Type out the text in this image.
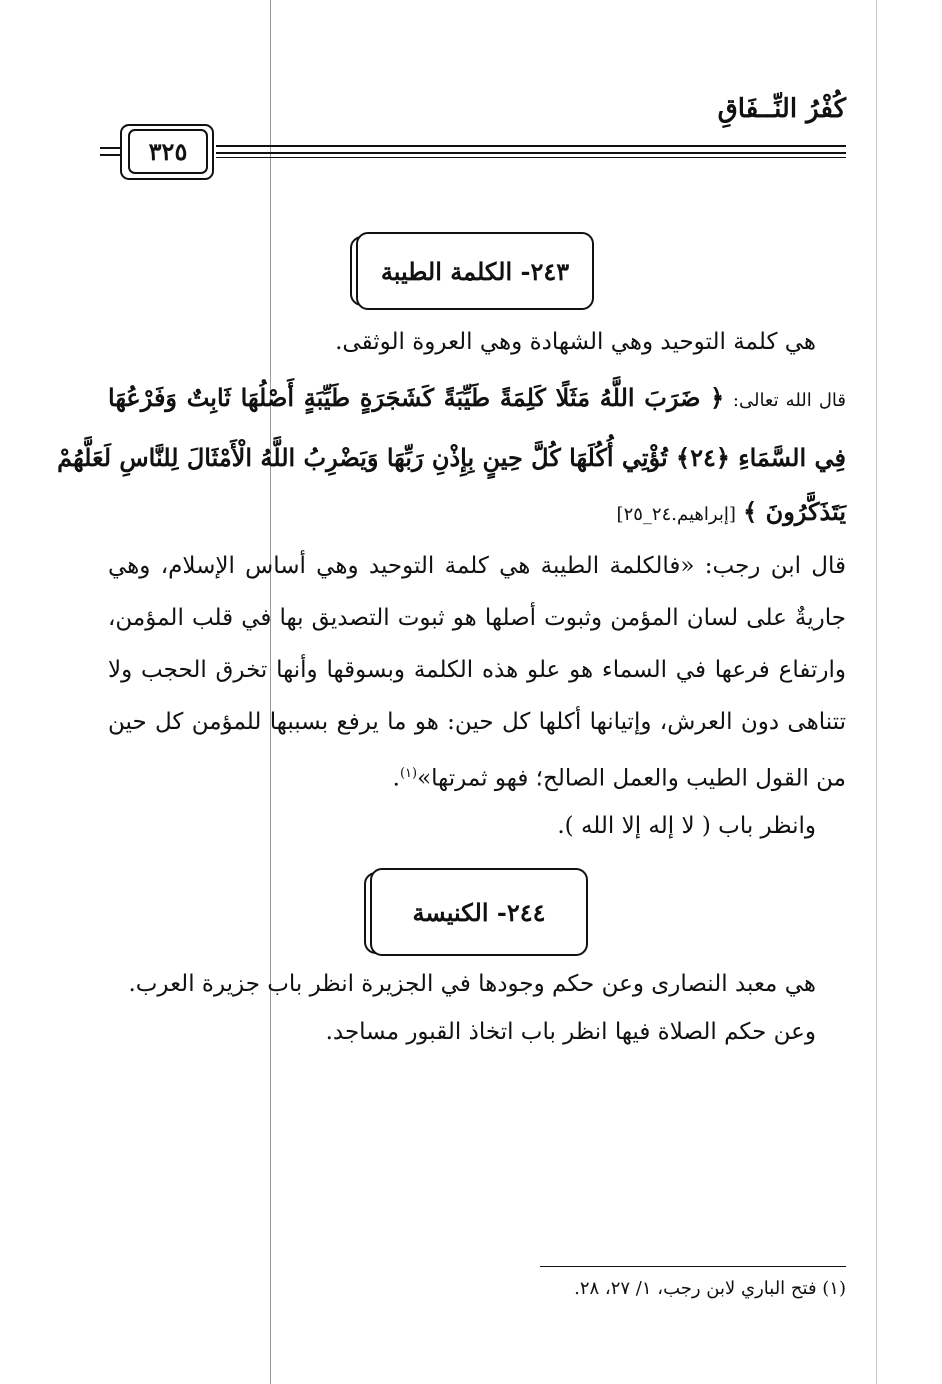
كُفْرُ النِّــفَاقِ
٣٢٥
٢٤٣- الكلمة الطيبة
هي كلمة التوحيد وهي الشهادة وهي العروة الوثقى.
قال الله تعالى: ﴿ ضَرَبَ اللَّهُ مَثَلًا كَلِمَةً طَيِّبَةً كَشَجَرَةٍ طَيِّبَةٍ أَصْلُهَا ثَابِتٌ وَفَرْعُهَا
فِي السَّمَاءِ ﴿٢٤﴾ تُؤْتِي أُكُلَهَا كُلَّ حِينٍ بِإِذْنِ رَبِّهَا وَيَضْرِبُ اللَّهُ الْأَمْثَالَ لِلنَّاسِ لَعَلَّهُمْ
يَتَذَكَّرُونَ ﴾ [إبراهيم.٢٤_٢٥]
قال ابن رجب: «فالكلمة الطيبة هي كلمة التوحيد وهي أساس الإسلام، وهي
جاريةٌ على لسان المؤمن وثبوت أصلها هو ثبوت التصديق بها في قلب المؤمن،
وارتفاع فرعها في السماء هو علو هذه الكلمة وبسوقها وأنها تخرق الحجب ولا
تتناهى دون العرش، وإتيانها أكلها كل حين: هو ما يرفع بسببها للمؤمن كل حين
من القول الطيب والعمل الصالح؛ فهو ثمرتها»$^{(١)}$.
وانظر باب ( لا إله إلا الله ).
٢٤٤- الكنيسة
هي معبد النصارى وعن حكم وجودها في الجزيرة انظر باب جزيرة العرب.
وعن حكم الصلاة فيها انظر باب اتخاذ القبور مساجد.
(١) فتح الباري لابن رجب، ١/ ٢٧، ٢٨.
